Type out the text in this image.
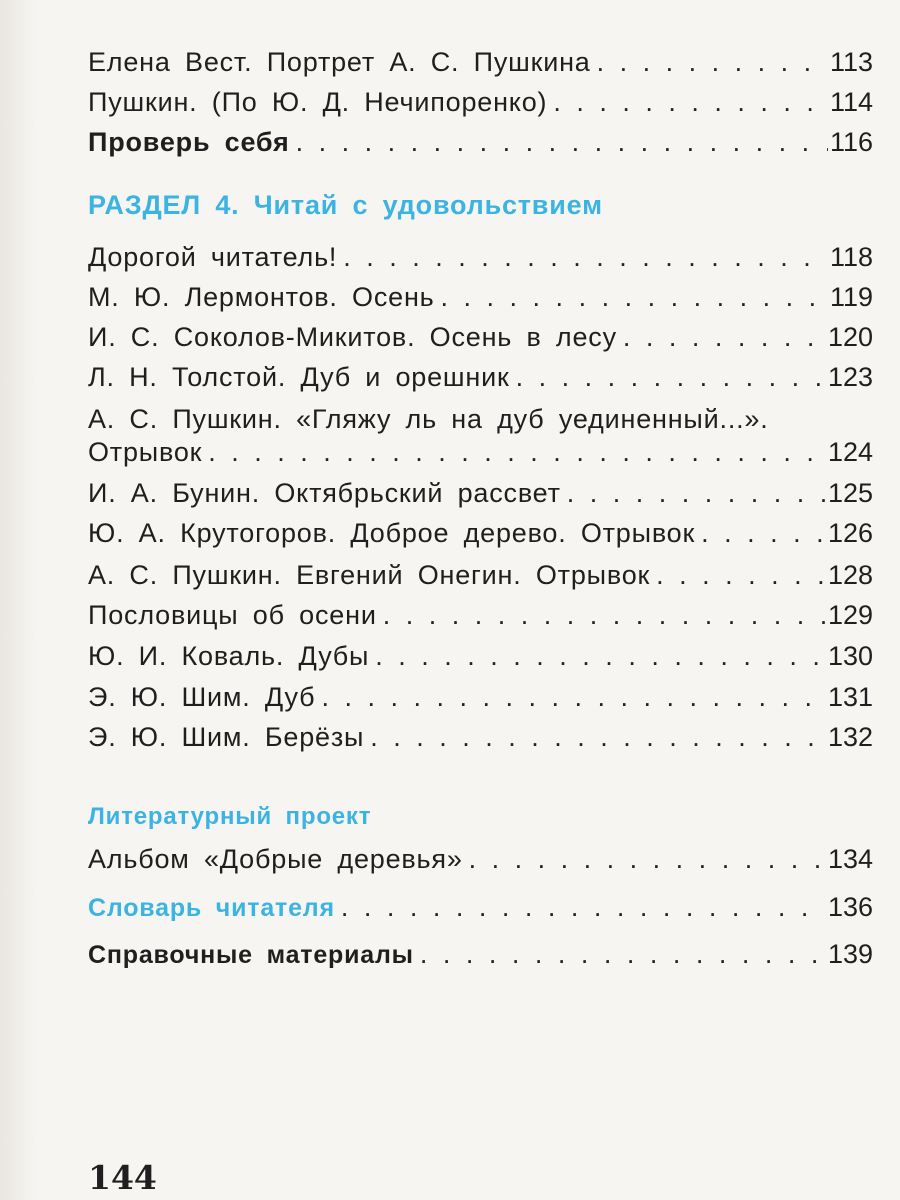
Елена Вест. Портрет А. С. Пушкина . . .	113
Пушкин. (По Ю. Д. Нечипоренко) . . .	114
Проверь себя . . .	116
РАЗДЕЛ 4. Читай с удовольствием
Дорогой читатель! . . .	118
М. Ю. Лермонтов. Осень . . .	119
И. С. Соколов-Микитов. Осень в лесу . . .	120
Л. Н. Толстой. Дуб и орешник . . .	123
А. С. Пушкин. «Гляжу ль на дуб уединенный...».
Отрывок . . .	124
И. А. Бунин. Октябрьский рассвет . . .	125
Ю. А. Крутогоров. Доброе дерево. Отрывок . . .	126
А. С. Пушкин. Евгений Онегин. Отрывок . . .	128
Пословицы об осени . . .	129
Ю. И. Коваль. Дубы . . .	130
Э. Ю. Шим. Дуб . . .	131
Э. Ю. Шим. Берёзы . . .	132
Литературный проект
Альбом «Добрые деревья» . . .	134
Словарь читателя . . .	136
Справочные материалы . . .	139
144
